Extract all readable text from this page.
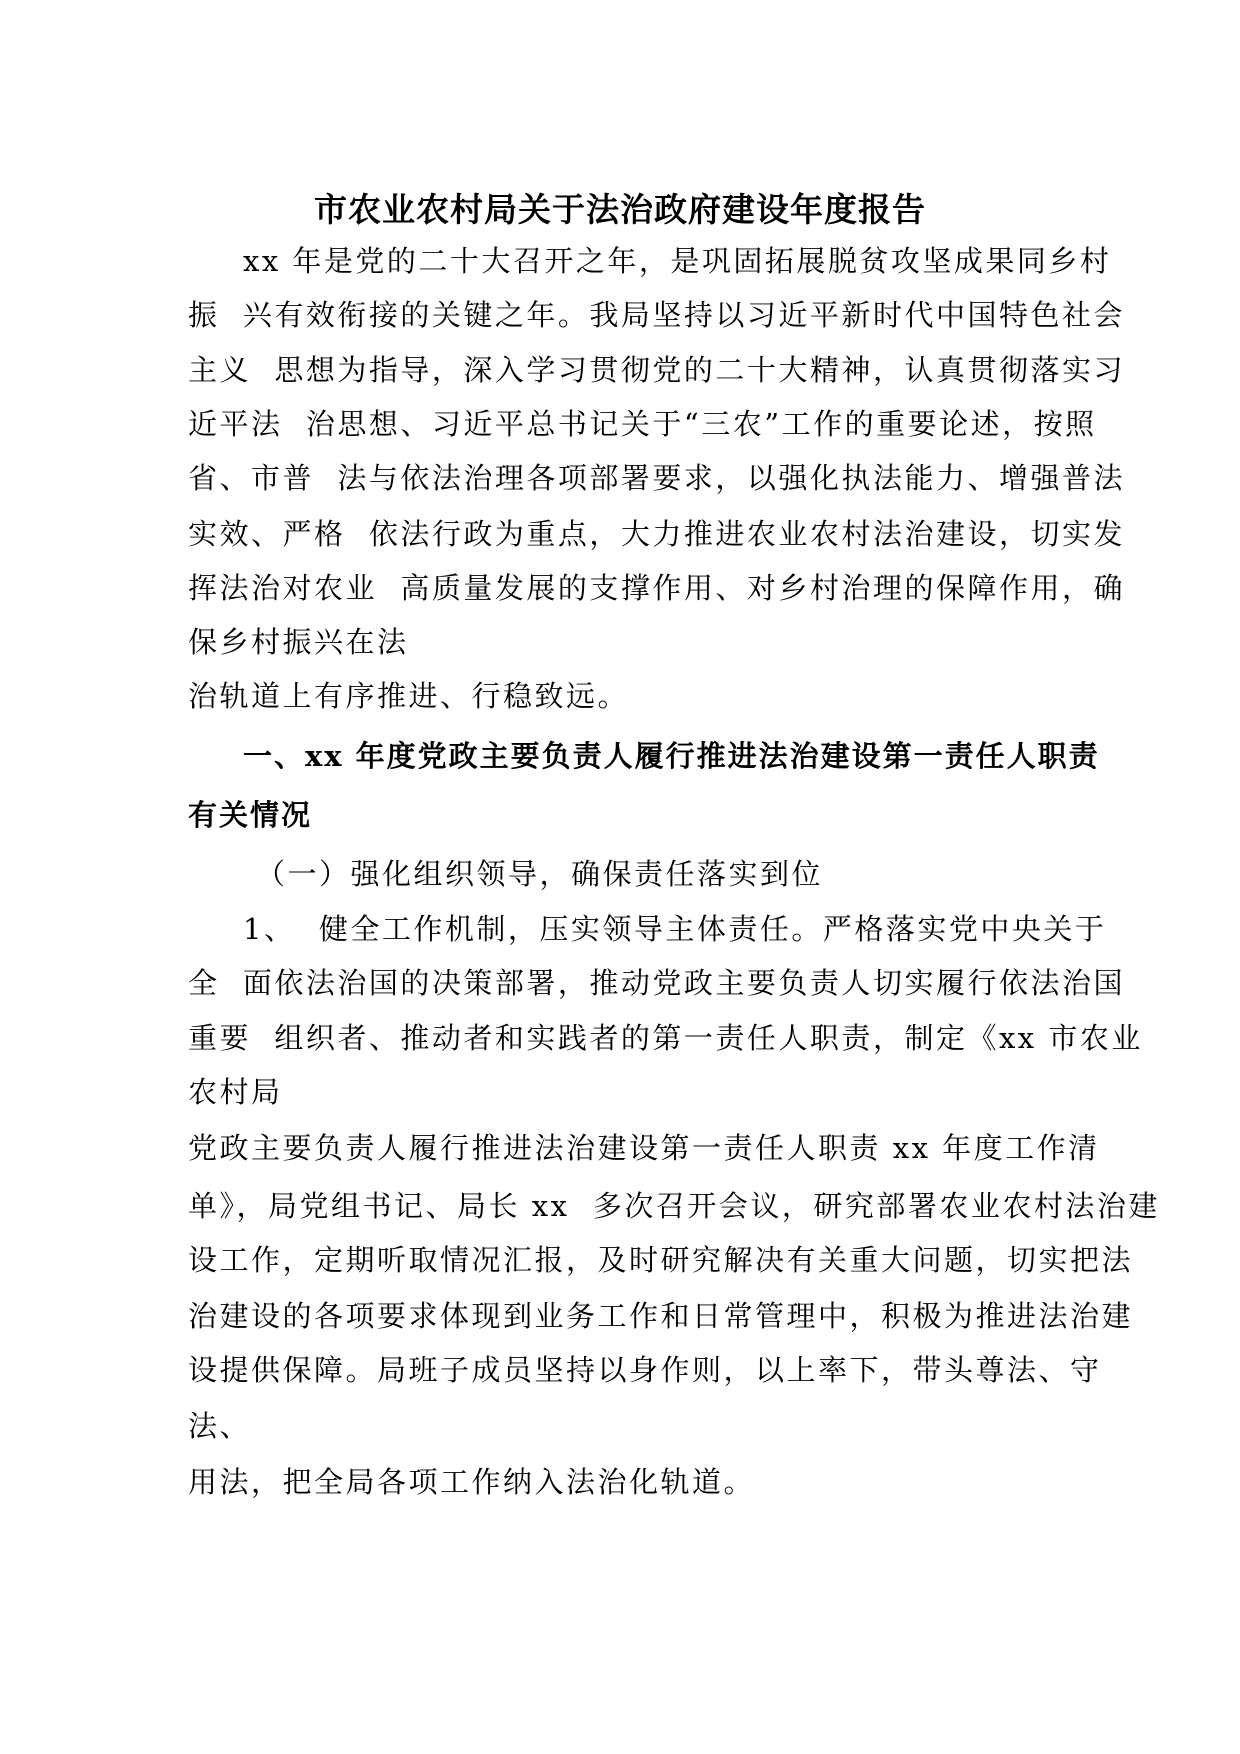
市农业农村局关于法治政府建设年度报告
xx 年是党的二十大召开之年，是巩固拓展脱贫攻坚成果同乡村
振  兴有效衔接的关键之年。我局坚持以习近平新时代中国特色社会
主义  思想为指导，深入学习贯彻党的二十大精神，认真贯彻落实习
近平法  治思想、习近平总书记关于“三农”工作的重要论述，按照
省、市普  法与依法治理各项部署要求，以强化执法能力、增强普法
实效、严格  依法行政为重点，大力推进农业农村法治建设，切实发
挥法治对农业  高质量发展的支撑作用、对乡村治理的保障作用，确
保乡村振兴在法
治轨道上有序推进、行稳致远。
一、xx 年度党政主要负责人履行推进法治建设第一责任人职责
有关情况
（一）强化组织领导，确保责任落实到位
1、  健全工作机制，压实领导主体责任。严格落实党中央关于
全  面依法治国的决策部署，推动党政主要负责人切实履行依法治国
重要  组织者、推动者和实践者的第一责任人职责，制定《xx 市农业
农村局
党政主要负责人履行推进法治建设第一责任人职责 xx 年度工作清
单》，局党组书记、局长 xx  多次召开会议，研究部署农业农村法治建
设工作，定期听取情况汇报，及时研究解决有关重大问题，切实把法
治建设的各项要求体现到业务工作和日常管理中，积极为推进法治建
设提供保障。局班子成员坚持以身作则，以上率下，带头尊法、守
法、
用法，把全局各项工作纳入法治化轨道。
